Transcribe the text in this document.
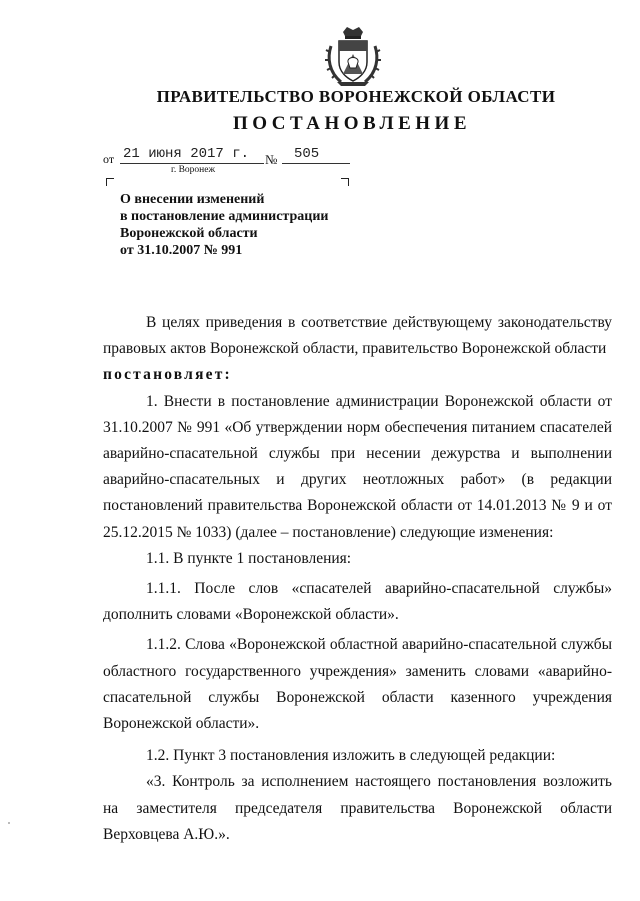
ПРАВИТЕЛЬСТВО ВОРОНЕЖСКОЙ ОБЛАСТИ
ПОСТАНОВЛЕНИЕ
от 21 июня 2017 г. № 505
г. Воронеж
О внесении изменений
в постановление администрации
Воронежской области
от 31.10.2007 № 991

В целях приведения в соответствие действующему законодательству правовых актов Воронежской области, правительство Воронежской области

постановляет:

1. Внести в постановление администрации Воронежской области от 31.10.2007 № 991 «Об утверждении норм обеспечения питанием спасателей аварийно-спасательной службы при несении дежурства и выполнении аварийно-спасательных и других неотложных работ» (в редакции постановлений правительства Воронежской области от 14.01.2013 № 9 и от 25.12.2015 № 1033) (далее – постановление) следующие изменения:

1.1. В пункте 1 постановления:

1.1.1. После слов «спасателей аварийно-спасательной службы» дополнить словами «Воронежской области».

1.1.2. Слова «Воронежской областной аварийно-спасательной службы областного государственного учреждения» заменить словами «аварийно-спасательной службы Воронежской области казенного учреждения Воронежской области».

1.2. Пункт 3 постановления изложить в следующей редакции:

«3. Контроль за исполнением настоящего постановления возложить на заместителя председателя правительства Воронежской области Верховцева А.Ю.».
